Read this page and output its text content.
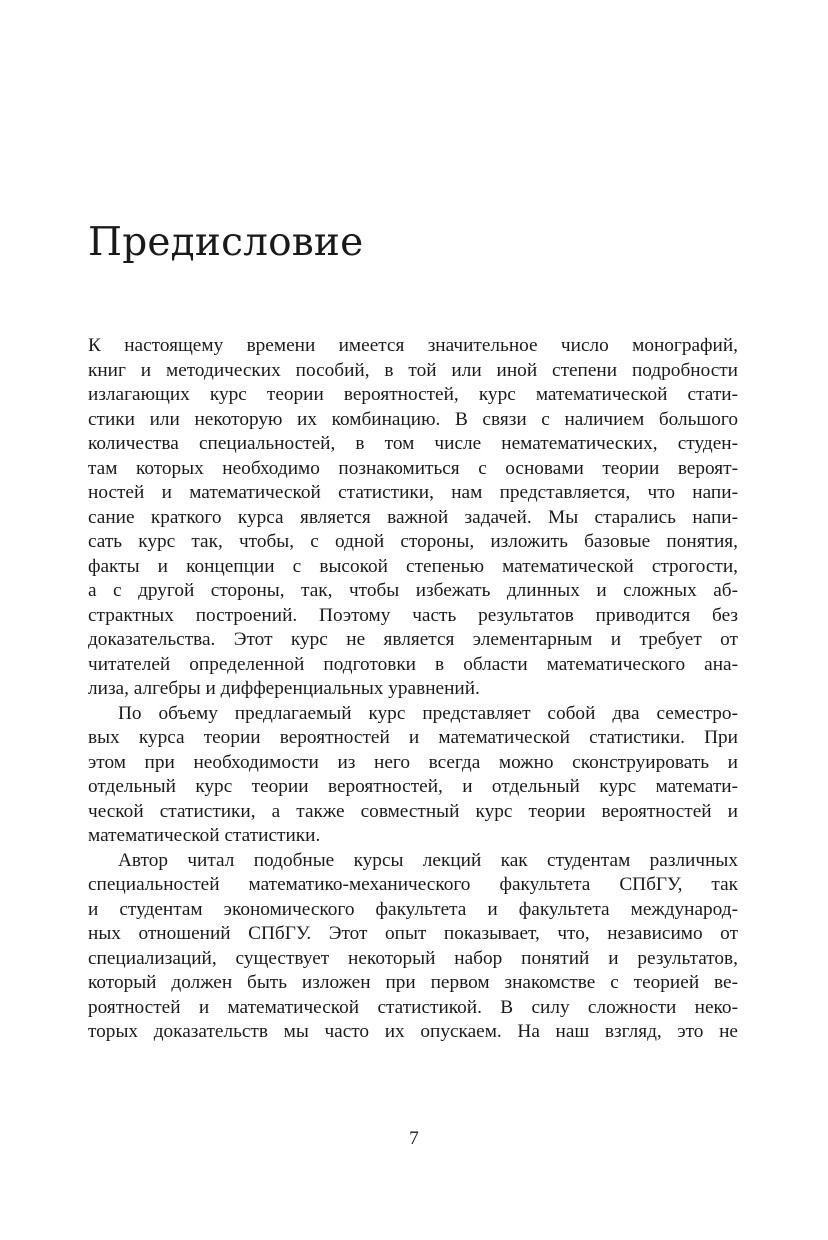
Предисловие
К настоящему времени имеется значительное число монографий,
книг и методических пособий, в той или иной степени подробности
излагающих курс теории вероятностей, курс математической стати-
стики или некоторую их комбинацию. В связи с наличием большого
количества специальностей, в том числе нематематических, студен-
там которых необходимо познакомиться с основами теории вероят-
ностей и математической статистики, нам представляется, что напи-
сание краткого курса является важной задачей. Мы старались напи-
сать курс так, чтобы, с одной стороны, изложить базовые понятия,
факты и концепции с высокой степенью математической строгости,
а с другой стороны, так, чтобы избежать длинных и сложных аб-
страктных построений. Поэтому часть результатов приводится без
доказательства. Этот курс не является элементарным и требует от
читателей определенной подготовки в области математического ана-
лиза, алгебры и дифференциальных уравнений.
По объему предлагаемый курс представляет собой два семестро-
вых курса теории вероятностей и математической статистики. При
этом при необходимости из него всегда можно сконструировать и
отдельный курс теории вероятностей, и отдельный курс математи-
ческой статистики, а также совместный курс теории вероятностей и
математической статистики.
Автор читал подобные курсы лекций как студентам различных
специальностей математико-механического факультета СПбГУ, так
и студентам экономического факультета и факультета международ-
ных отношений СПбГУ. Этот опыт показывает, что, независимо от
специализаций, существует некоторый набор понятий и результатов,
который должен быть изложен при первом знакомстве с теорией ве-
роятностей и математической статистикой. В силу сложности неко-
торых доказательств мы часто их опускаем. На наш взгляд, это не
7
